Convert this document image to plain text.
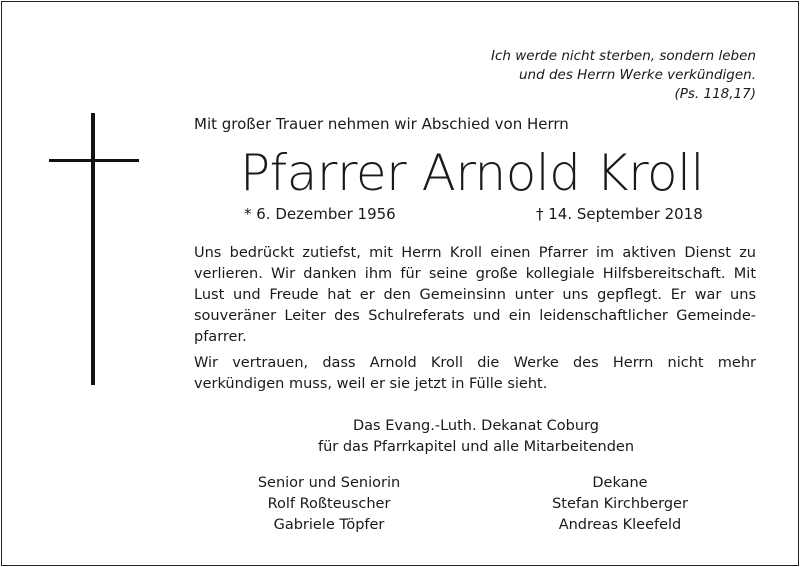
Ich werde nicht sterben, sondern leben
und des Herrn Werke verkündigen.
(Ps. 118,17)
Mit großer Trauer nehmen wir Abschied von Herrn
Pfarrer Arnold Kroll
* 6. Dezember 1956	† 14. September 2018
Uns bedrückt zutiefst, mit Herrn Kroll einen Pfarrer im aktiven Dienst zu
verlieren. Wir danken ihm für seine große kollegiale Hilfsbereitschaft. Mit
Lust und Freude hat er den Gemeinsinn unter uns gepflegt. Er war uns
souveräner Leiter des Schulreferats und ein leidenschaftlicher Gemeinde-
pfarrer.
Wir vertrauen, dass Arnold Kroll die Werke des Herrn nicht mehr
verkündigen muss, weil er sie jetzt in Fülle sieht.
Das Evang.-Luth. Dekanat Coburg
für das Pfarrkapitel und alle Mitarbeitenden
Senior und Seniorin
Rolf Roßteuscher
Gabriele Töpfer
Dekane
Stefan Kirchberger
Andreas Kleefeld
